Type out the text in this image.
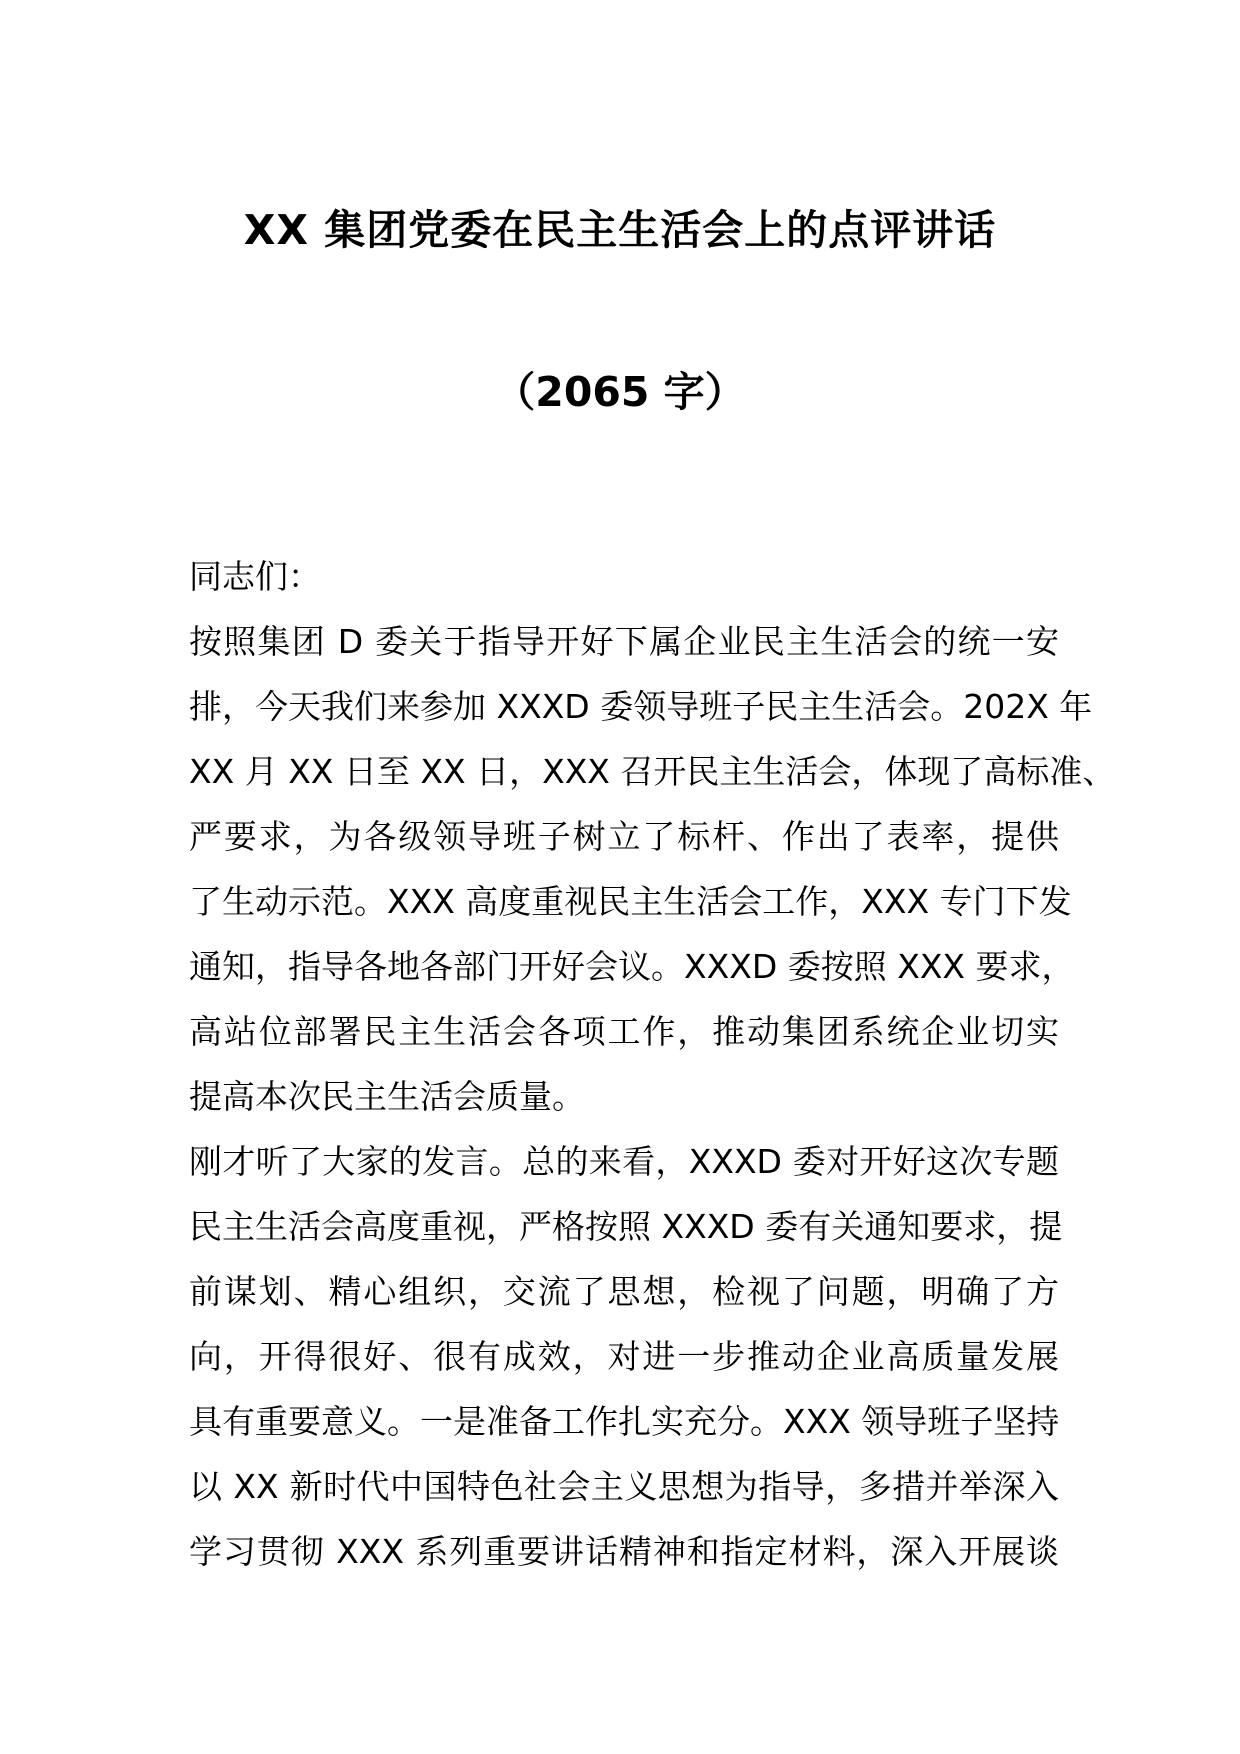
XX 集团党委在民主生活会上的点评讲话
（2065 字）
同志们：
按照集团 D 委关于指导开好下属企业民主生活会的统一安
排，今天我们来参加 XXXD 委领导班子民主生活会。202X 年
XX 月 XX 日至 XX 日，XXX 召开民主生活会，体现了高标准、
严要求，为各级领导班子树立了标杆、作出了表率，提供
了生动示范。XXX 高度重视民主生活会工作，XXX 专门下发
通知，指导各地各部门开好会议。XXXD 委按照 XXX 要求，
高站位部署民主生活会各项工作，推动集团系统企业切实
提高本次民主生活会质量。
刚才听了大家的发言。总的来看，XXXD 委对开好这次专题
民主生活会高度重视，严格按照 XXXD 委有关通知要求，提
前谋划、精心组织，交流了思想，检视了问题，明确了方
向，开得很好、很有成效，对进一步推动企业高质量发展
具有重要意义。一是准备工作扎实充分。XXX 领导班子坚持
以 XX 新时代中国特色社会主义思想为指导，多措并举深入
学习贯彻 XXX 系列重要讲话精神和指定材料，深入开展谈
